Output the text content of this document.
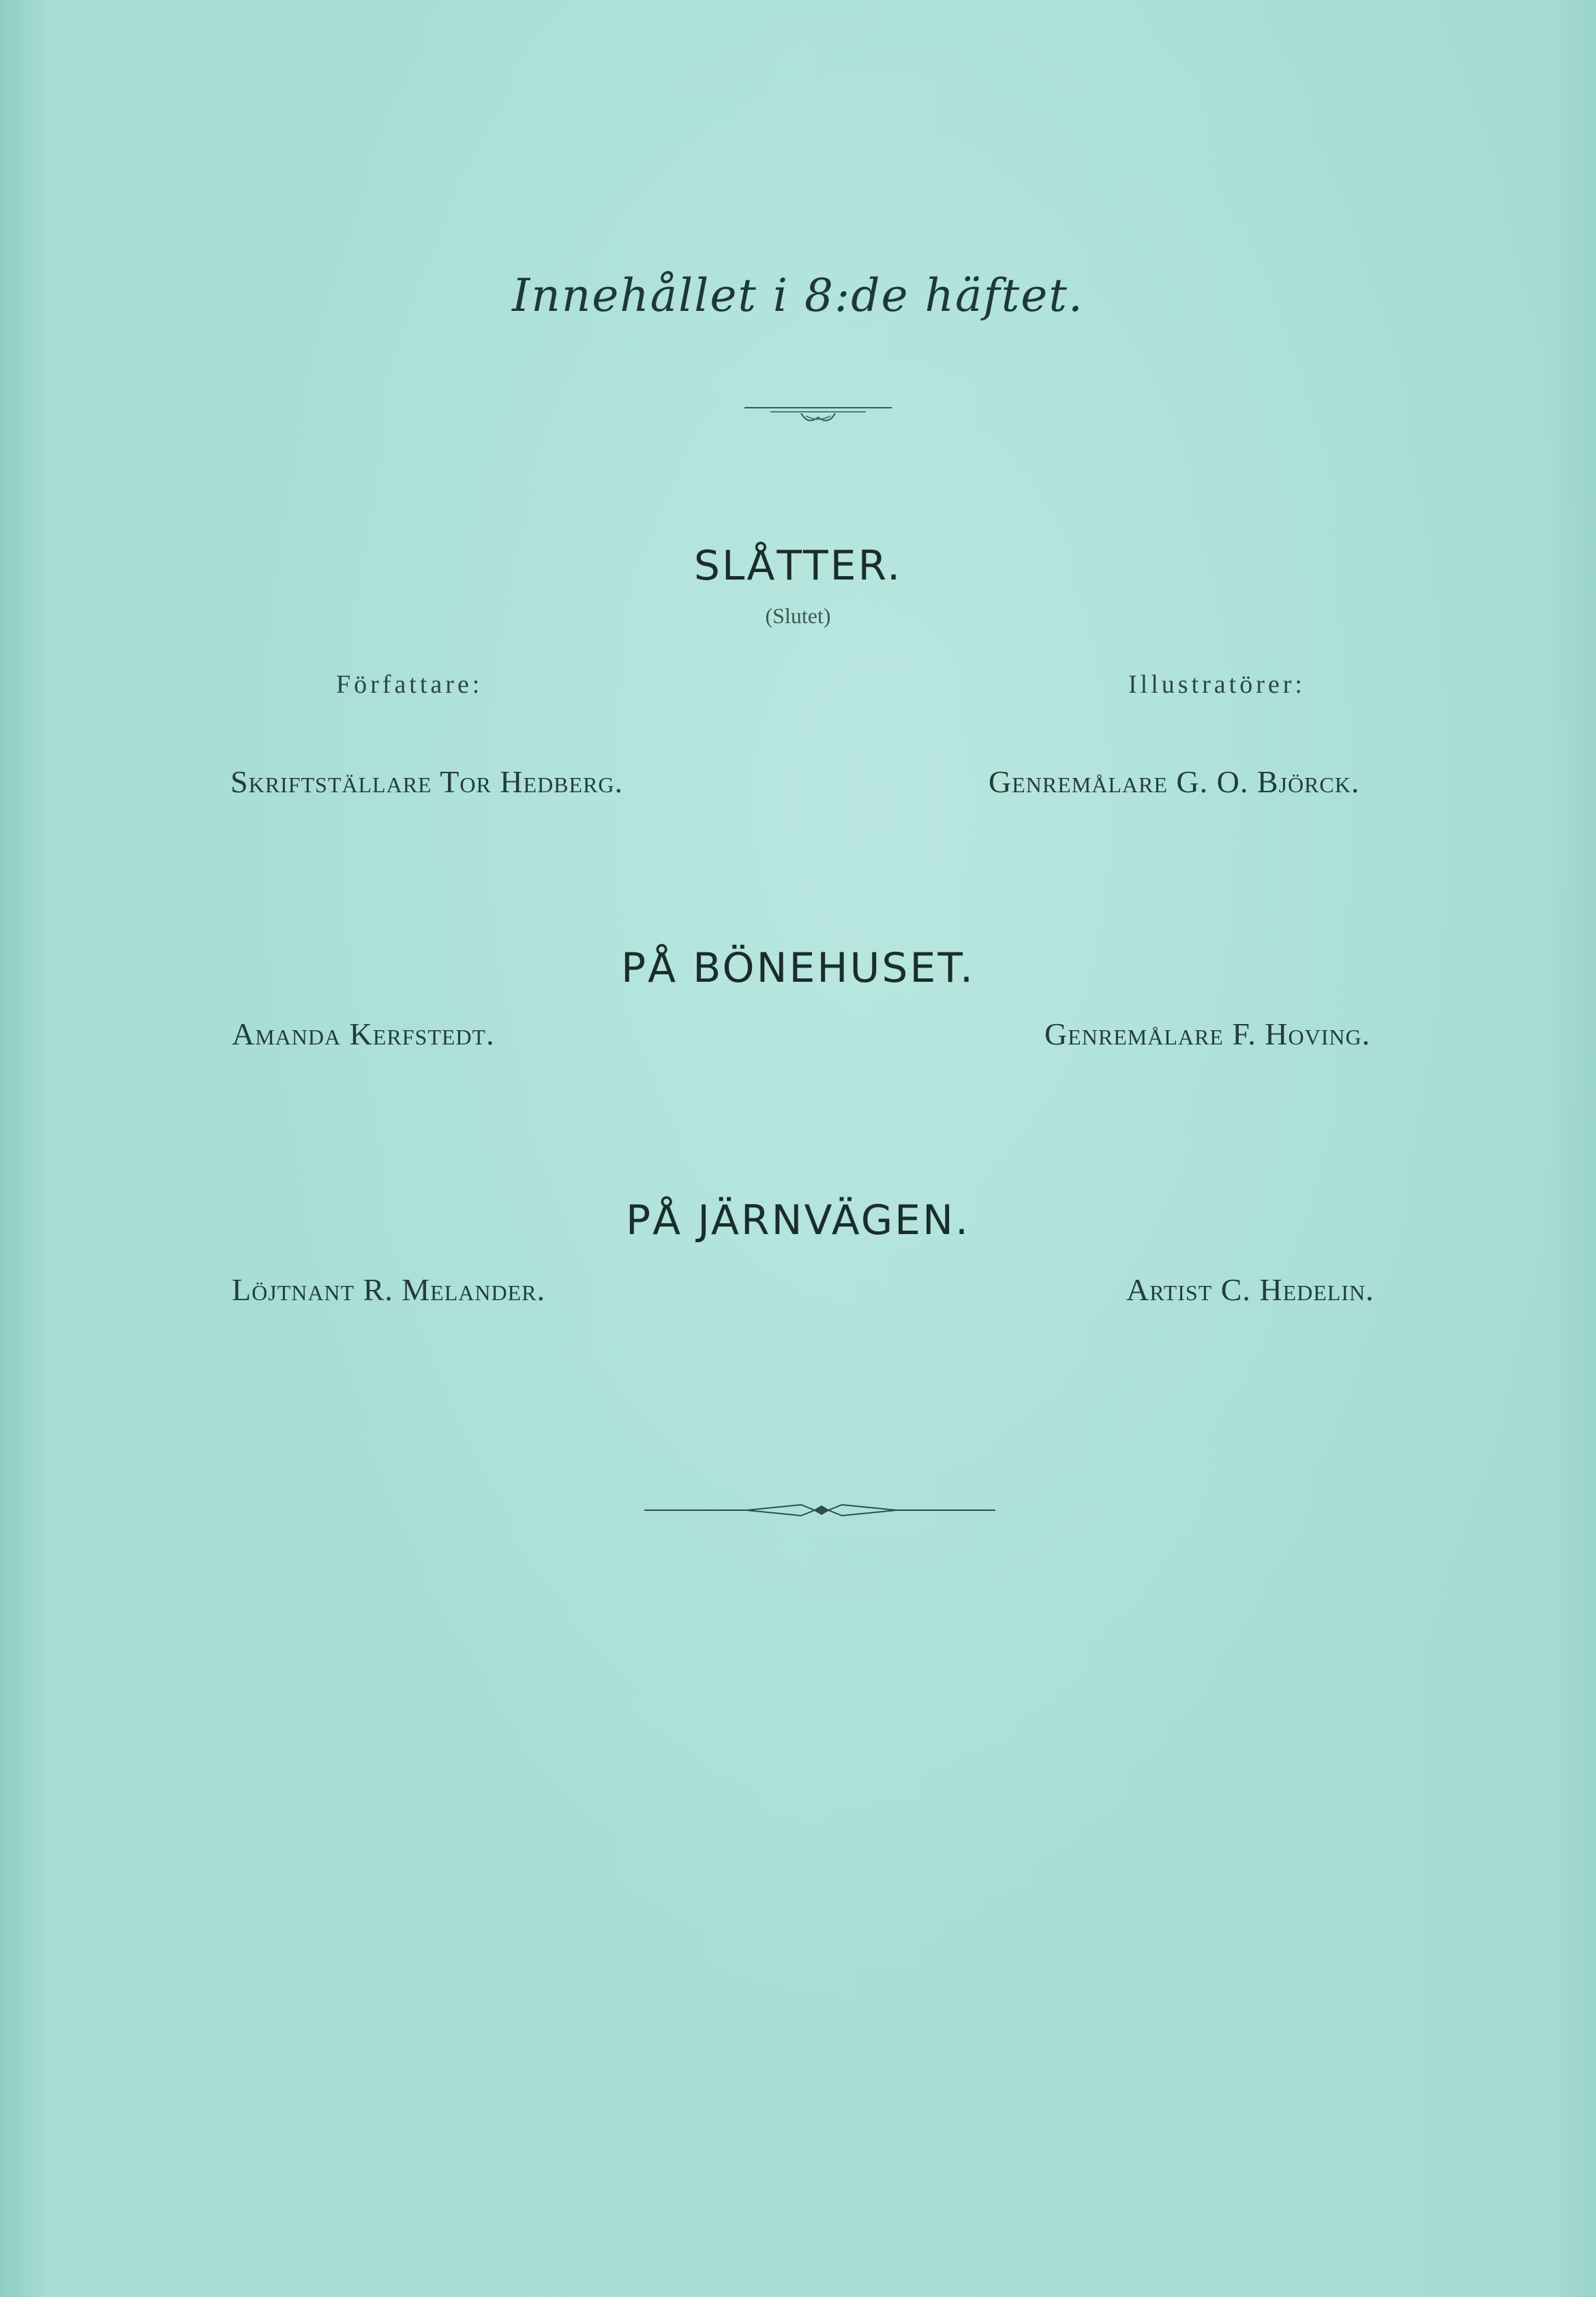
Innehållet i 8:de häftet.
SLÅTTER.
(Slutet)
Författare:	Illustratörer:
Skriftställare Tor Hedberg.	Genremålare G. O. Björck.
PÅ BÖNEHUSET.
Amanda Kerfstedt.	Genremålare F. Hoving.
PÅ JÄRNVÄGEN.
Löjtnant R. Melander.	Artist C. Hedelin.
